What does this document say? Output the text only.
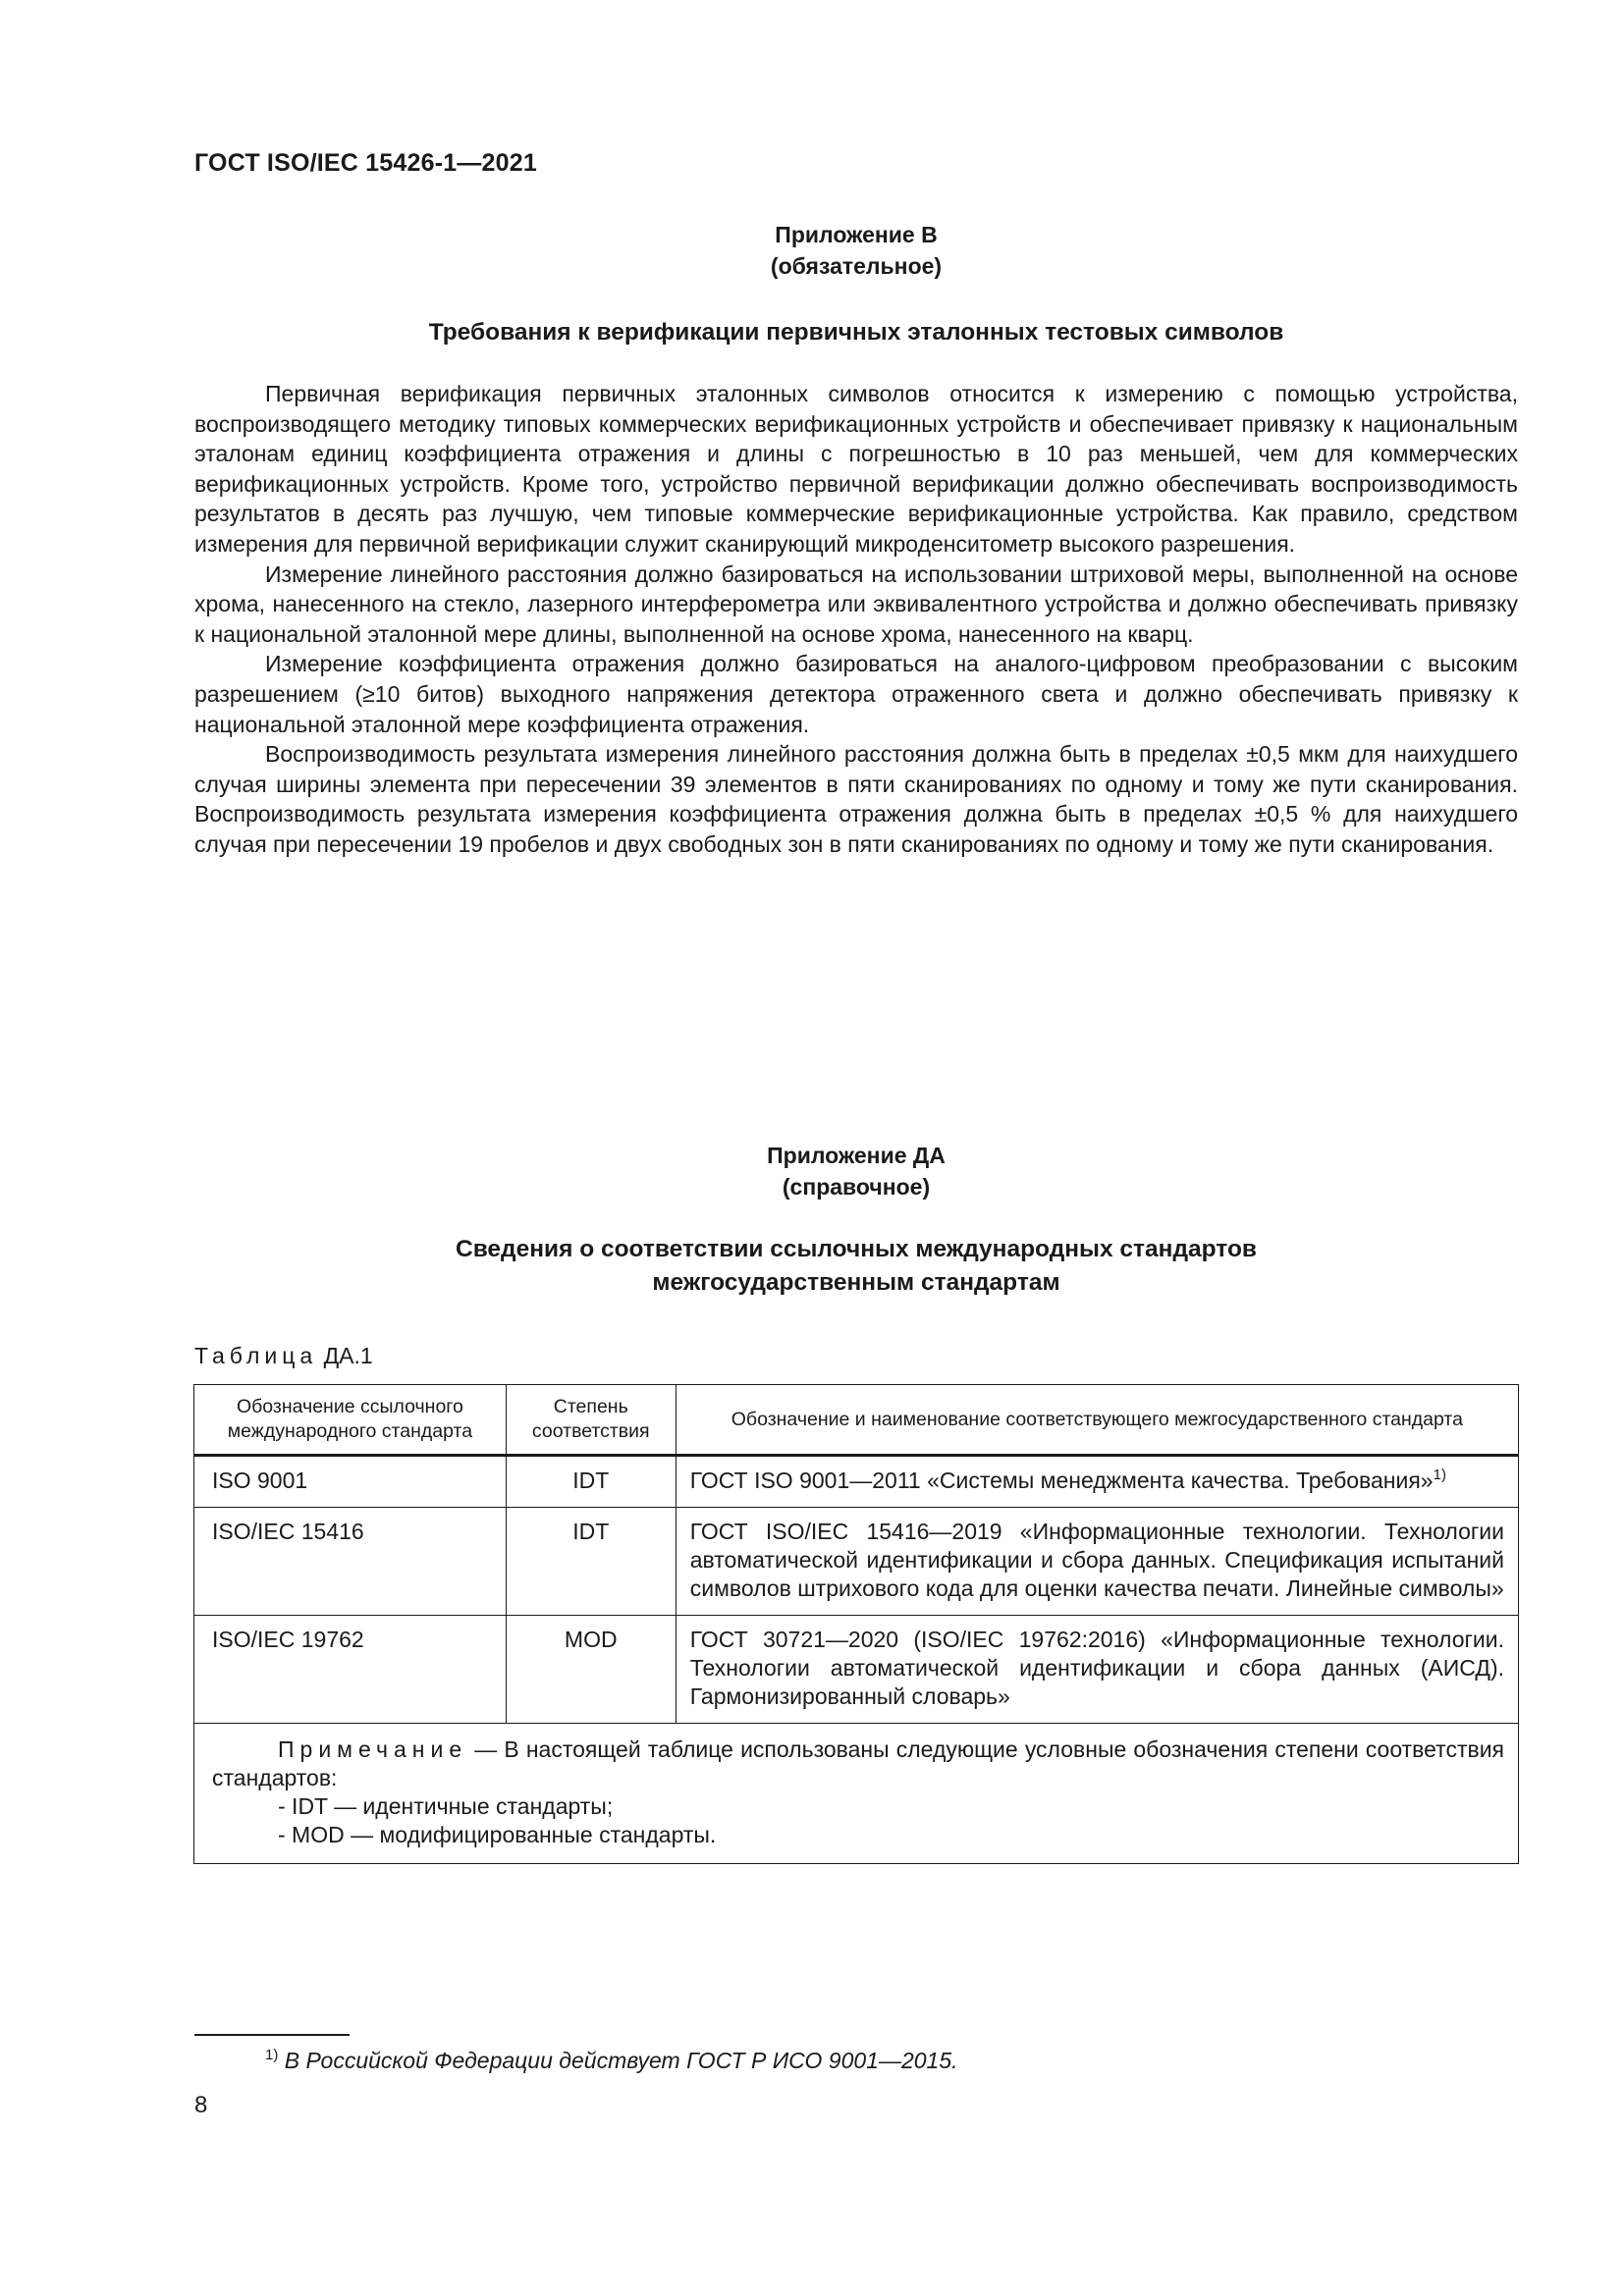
ГОСТ ISO/IEC 15426-1—2021
Приложение В
(обязательное)
Требования к верификации первичных эталонных тестовых символов

Первичная верификация первичных эталонных символов относится к измерению с помощью устройства, воспроизводящего методику типовых коммерческих верификационных устройств и обеспечивает привязку к национальным эталонам единиц коэффициента отражения и длины с погрешностью в 10 раз меньшей, чем для коммерческих верификационных устройств. Кроме того, устройство первичной верификации должно обеспечивать воспроизводимость результатов в десять раз лучшую, чем типовые коммерческие верификационные устройства. Как правило, средством измерения для первичной верификации служит сканирующий микроденситометр высокого разрешения.

Измерение линейного расстояния должно базироваться на использовании штриховой меры, выполненной на основе хрома, нанесенного на стекло, лазерного интерферометра или эквивалентного устройства и должно обеспечивать привязку к национальной эталонной мере длины, выполненной на основе хрома, нанесенного на кварц.

Измерение коэффициента отражения должно базироваться на аналого-цифровом преобразовании с высоким разрешением (≥10 битов) выходного напряжения детектора отраженного света и должно обеспечивать привязку к национальной эталонной мере коэффициента отражения.

Воспроизводимость результата измерения линейного расстояния должна быть в пределах ±0,5 мкм для наихудшего случая ширины элемента при пересечении 39 элементов в пяти сканированиях по одному и тому же пути сканирования. Воспроизводимость результата измерения коэффициента отражения должна быть в пределах ±0,5 % для наихудшего случая при пересечении 19 пробелов и двух свободных зон в пяти сканированиях по одному и тому же пути сканирования.

Приложение ДА
(справочное)
Сведения о соответствии ссылочных международных стандартов
межгосударственным стандартам
Таблица ДА.1
Обозначение ссылочного международного стандарта	Степень соответствия	Обозначение и наименование соответствующего межгосударственного стандарта
ISO 9001	IDT	ГОСТ ISO 9001—2011 «Системы менеджмента качества. Требования»$^{1)}$
ISO/IEC 15416	IDT	ГОСТ ISO/IEC 15416—2019 «Информационные технологии. Технологии автоматической идентификации и сбора данных. Спецификация испытаний символов штрихового кода для оценки качества печати. Линейные символы»
ISO/IEC 19762	MOD	ГОСТ 30721—2020 (ISO/IEC 19762:2016) «Информационные технологии. Технологии автоматической идентификации и сбора данных (АИСД). Гармонизированный словарь»
Примечание — В настоящей таблице использованы следующие условные обозначения степени соответствия стандартов:
- IDT — идентичные стандарты;
- MOD — модифицированные стандарты.		
$^{1)}$ В Российской Федерации действует ГОСТ Р ИСО 9001—2015.
8
